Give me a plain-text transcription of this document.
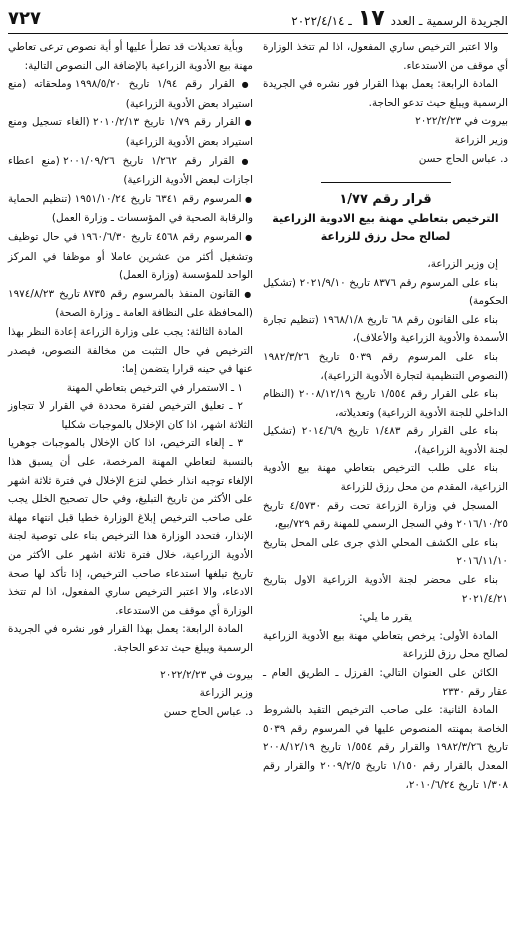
الجريدة الرسمية ـ العدد
١٧
ـ ٢٠٢٢/٤/١٤
٧٢٧

والا اعتبر الترخيص ساري المفعول، اذا لم تتخذ الوزارة أي موقف من الاستدعاء.

المادة الرابعة: يعمل بهذا القرار فور نشره في الجريدة الرسمية ويبلغ حيث تدعو الحاجة.

بيروت في ٢٠٢٢/٢/٢٣

وزير الزراعة

د. عباس الحاج حسن

قرار رقم ١/٧٧

الترخيص بتعاطي مهنة بيع الادوية الزراعية

لصالح محل رزق للزراعة

إن وزير الزراعة،

بناء على المرسوم رقم ٨٣٧٦ تاريخ ٢٠٢١/٩/١٠ (تشكيل الحكومة)

بناء على القانون رقم ٦٨ تاريخ ١٩٦٨/١/٨ (تنظيم تجارة الأسمدة والأدوية الزراعية والأعلاف)،

بناء على المرسوم رقم ٥٠٣٩ تاريخ ١٩٨٢/٣/٢٦ (النصوص التنظيمية لتجارة الأدوية الزراعية)،

بناء على القرار رقم ١/٥٥٤ تاريخ ٢٠٠٨/١٢/١٩ (النظام الداخلي للجنة الأدوية الزراعية) وتعديلاته،

بناء على القرار رقم ١/٤٨٣ تاريخ ٢٠١٤/٦/٩ (تشكيل لجنة الأدوية الزراعية)،

بناء على طلب الترخيص بتعاطي مهنة بيع الأدوية الزراعية، المقدم من محل رزق للزراعة

المسجل في وزارة الزراعة تحت رقم ٤/٥٧٣٠ تاريخ ٢٠١٦/١٠/٢٥ وفي السجل الرسمي للمهنة رقم ٧٢٩/بيع،

بناء على الكشف المحلي الذي جرى على المحل بتاريخ ٢٠١٦/١١/١٠

بناء على محضر لجنة الأدوية الزراعية الاول بتاريخ ٢٠٢١/٤/٢١

يقرر ما يلي:

المادة الأولى: يرخص بتعاطي مهنة بيع الأدوية الزراعية لصالح محل رزق للزراعة

الكائن على العنوان التالي: الفرزل ـ الطريق العام ـ عقار رقم ٢٣٣٠

المادة الثانية: على صاحب الترخيص التقيد بالشروط الخاصة بمهنته المنصوص عليها في المرسوم رقم ٥٠٣٩ تاريخ ١٩٨٢/٣/٢٦ والقرار رقم ١/٥٥٤ تاريخ ٢٠٠٨/١٢/١٩ المعدل بالقرار رقم ١/١٥٠ تاريخ ٢٠٠٩/٢/٥ والقرار رقم ١/٣٠٨ تاريخ ٢٠١٠/٦/٢٤،

وبأية تعديلات قد تطرأ عليها أو أية نصوص ترعى تعاطي مهنة بيع الأدوية الزراعية بالإضافة الى النصوص التالية:

● القرار رقم ١/٩٤ تاريخ ١٩٩٨/٥/٢٠ وملحقاته (منع استيراد بعض الأدوية الزراعية)

● القرار رقم ١/٧٩ تاريخ ٢٠١٠/٢/١٣ (الغاء تسجيل ومنع استيراد بعض الأدوية الزراعية)

● القرار رقم ١/٢٦٢ تاريخ ٢٠٠١/٠٩/٢٦ (منع اعطاء اجازات لبعض الأدوية الزراعية)

● المرسوم رقم ٦٣٤١ تاريخ ١٩٥١/١٠/٢٤ (تنظيم الحماية والرقابة الصحية في المؤسسات ـ وزارة العمل)

● المرسوم رقم ٤٥٦٨ تاريخ ١٩٦٠/٦/٣٠ في حال توظيف وتشغيل أكثر من عشرين عاملا أو موظفا في المركز الواحد للمؤسسة (وزارة العمل)

● القانون المنفذ بالمرسوم رقم ٨٧٣٥ تاريخ ١٩٧٤/٨/٢٣ (المحافظة على النظافة العامة ـ وزارة الصحة)

المادة الثالثة: يجب على وزارة الزراعة إعادة النظر بهذا الترخيص في حال التثبت من مخالفة النصوص، فيصدر عنها في حينه قرارا يتضمن إما:

١ ـ الاستمرار في الترخيص بتعاطي المهنة

٢ ـ تعليق الترخيص لفترة محددة في القرار لا تتجاوز الثلاثة اشهر، اذا كان الإخلال بالموجبات شكليا

٣ ـ إلغاء الترخيص، اذا كان الإخلال بالموجبات جوهريا بالنسبة لتعاطي المهنة المرخصة، على أن يسبق هذا الإلغاء توجيه انذار خطي لنزع الإخلال في فترة ثلاثة اشهر على الأكثر من تاريخ التبليغ، وفي حال تصحيح الخلل يجب على صاحب الترخيص إبلاغ الوزارة خطيا قبل انتهاء مهلة الإنذار، فتحدد الوزارة هذا الترخيص بناء على توصية لجنة الأدوية الزراعية، خلال فترة ثلاثة اشهر على الأكثر من تاريخ تبلغها استدعاء صاحب الترخيص، إذا تأكد لها صحة الادعاء، والا اعتبر الترخيص ساري المفعول، اذا لم تتخذ الوزارة أي موقف من الاستدعاء.

المادة الرابعة: يعمل بهذا القرار فور نشره في الجريدة الرسمية ويبلغ حيث تدعو الحاجة.

بيروت في ٢٠٢٢/٢/٢٣

وزير الزراعة

د. عباس الحاج حسن
